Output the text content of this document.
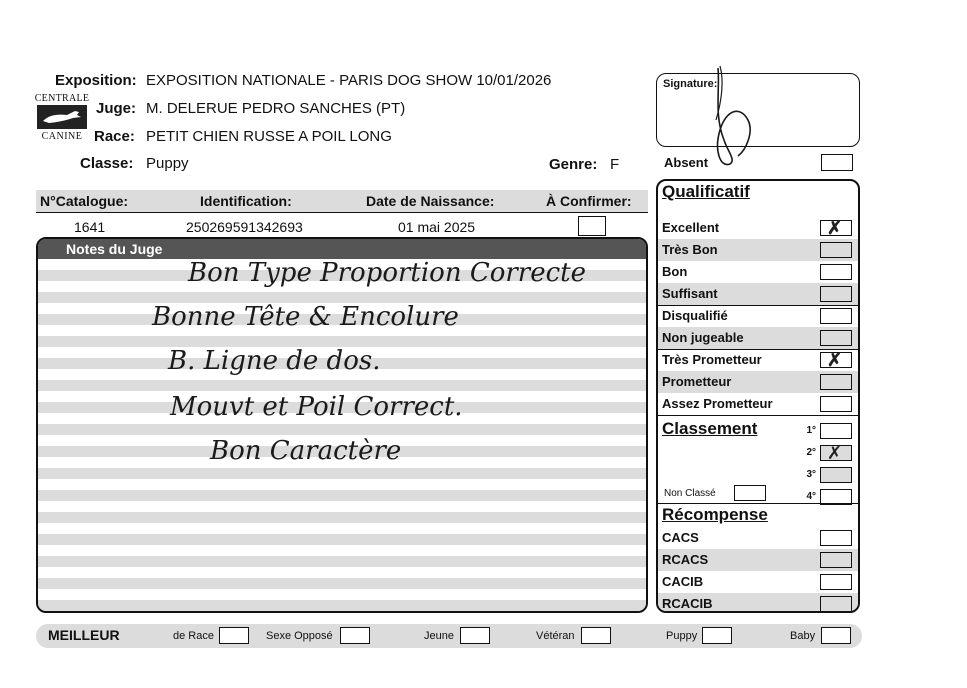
Exposition: EXPOSITION NATIONALE - PARIS DOG SHOW 10/01/2026
CENTRALE
CANINE
Juge: M. DELERUE PEDRO SANCHES (PT)
Race: PETIT CHIEN RUSSE A POIL LONG
Classe: Puppy	Genre: F
Signature:
Absent
N°Catalogue:	Identification:	Date de Naissance:	À Confirmer:
1641	250269591342693	01 mai 2025
Notes du Juge
Bon Type Proportion Correcte
Bonne Tête & Encolure
B. Ligne de dos.
Mouvt et Poil Correct.
Bon Caractère
Qualificatif
Excellent	✗
Très Bon
Bon
Suffisant
Disqualifié
Non jugeable
Très Prometteur	✗
Prometteur
Assez Prometteur
Classement	1°
2° ✗
3°
4°
Non Classé
Récompense
CACS
RCACS
CACIB
RCACIB
MEILLEUR	de Race	Sexe Opposé	Jeune	Vétéran	Puppy	Baby
